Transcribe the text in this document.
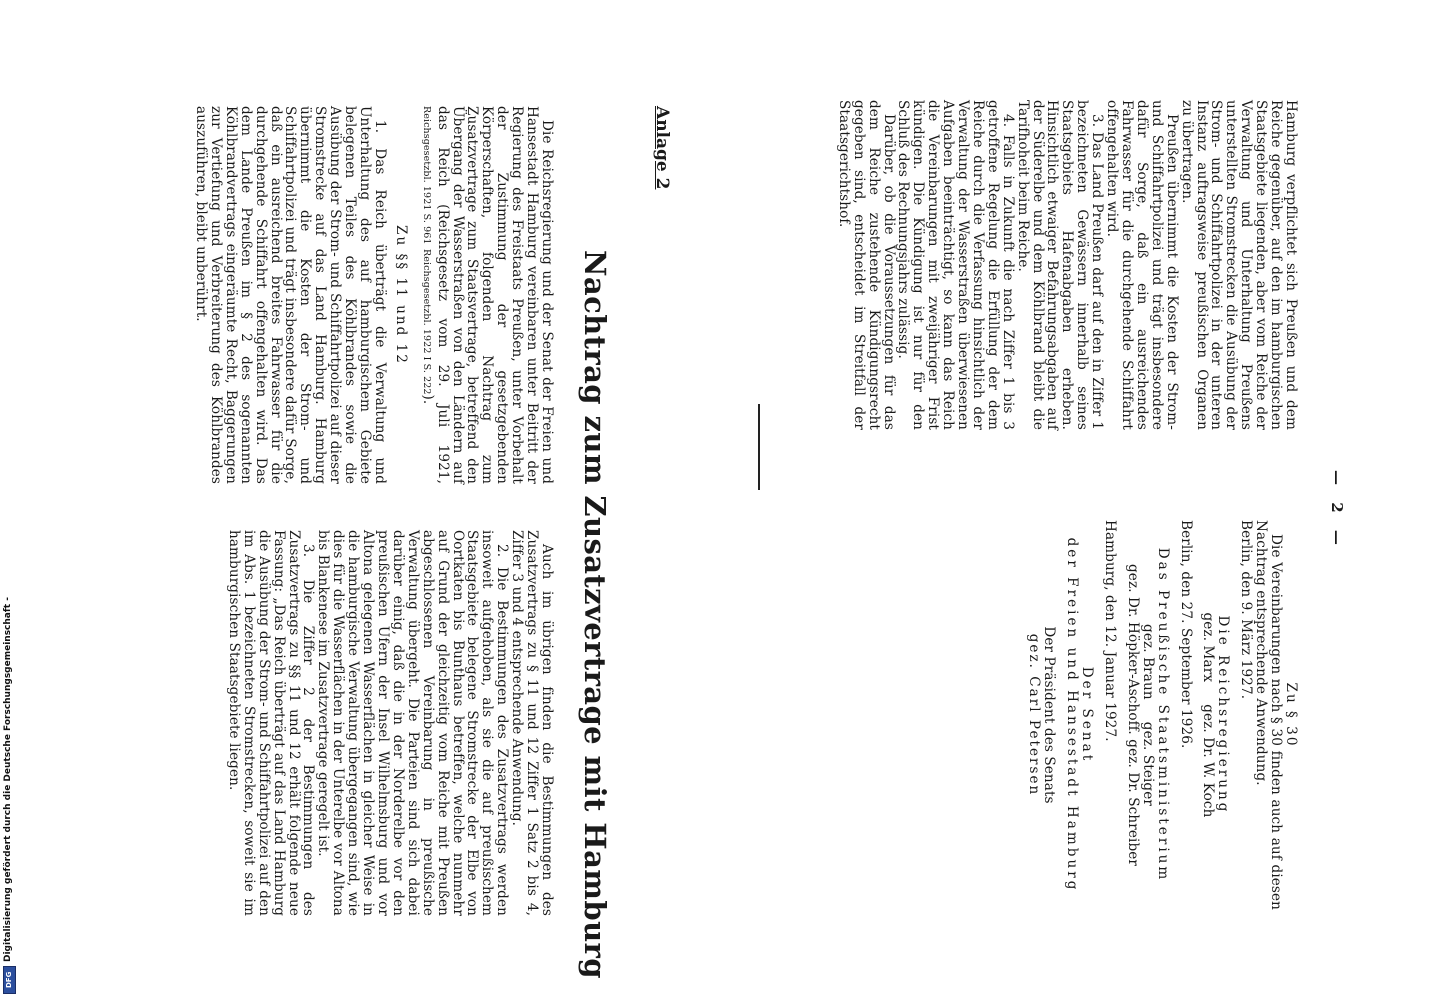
— 2 —

Hamburg verpflichtet sich Preußen und dem Reiche gegenüber, auf den im hamburgischen Staatsgebiete liegenden, aber vom Reiche der Verwaltung und Unterhaltung Preußens unterstellten Stromstrecken die Ausübung der Strom- und Schiffahrtpolizei in der unteren Instanz auftragsweise preußischen Organen zu übertragen.

Preußen übernimmt die Kosten der Strom- und Schiffahrtpolizei und trägt insbesondere dafür Sorge, daß ein ausreichendes Fahrwasser für die durchgehende Schiffahrt offengehalten wird.

3. Das Land Preußen darf auf den in Ziffer 1 bezeichneten Gewässern innerhalb seines Staatsgebiets Hafenabgaben erheben. Hinsichtlich etwaiger Befahrungsabgaben auf der Süderelbe und dem Köhlbrand bleibt die Tarifhoheit beim Reiche.

4. Falls in Zukunft die nach Ziffer 1 bis 3 getroffene Regelung die Erfüllung der dem Reiche durch die Verfassung hinsichtlich der Verwaltung der Wasserstraßen überwiesenen Aufgaben beeinträchtigt, so kann das Reich die Vereinbarungen mit zweijähriger Frist kündigen. Die Kündigung ist nur für den Schluß des Rechnungsjahrs zulässig.

Darüber, ob die Voraussetzungen für das dem Reiche zustehende Kündigungsrecht gegeben sind, entscheidet im Streitfall der Staatsgerichtshof.

Zu § 30

Die Vereinbarungen nach § 30 finden auch auf diesen Nachtrag entsprechende Anwendung.

Berlin, den 9. März 1927.

Die Reichsregierung

gez. Marx     gez. Dr. W. Koch

Berlin, den 27. September 1926.

Das Preußische Staatsministerium

gez. Braun     gez. Steiger

gez. Dr. Höpker-Aschoff. gez. Dr. Schreiber

Hamburg, den 12. Januar 1927.

Der Senat

der Freien und Hansestadt Hamburg

Der Präsident des Senats

gez. Carl Petersen

Anlage 2
Nachtrag zum Zusatzvertrage mit Hamburg

Die Reichsregierung und der Senat der Freien und Hansestadt Hamburg vereinbaren unter Beitritt der Regierung des Freistaats Preußen, unter Vorbehalt der Zustimmung der gesetzgebenden Körperschaften, folgenden Nachtrag zum Zusatzvertrage zum Staatsvertrage, betreffend den Übergang der Wasserstraßen von den Ländern auf das Reich (Reichsgesetz vom 29. Juli 1921, Reichsgesetzbl. 1921 S. 961 Reichsgesetzbl. 1922 I S. 222).

Zu §§ 11 und 12

1. Das Reich überträgt die Verwaltung und Unterhaltung des auf hamburgischem Gebiete belegenen Teiles des Köhlbrandes sowie die Ausübung der Strom- und Schiffahrtpolizei auf dieser Stromstrecke auf das Land Hamburg. Hamburg übernimmt die Kosten der Strom- und Schiffahrtpolizei und trägt insbesondere dafür Sorge, daß ein ausreichend breites Fahrwasser für die durchgehende Schiffahrt offengehalten wird. Das dem Lande Preußen im § 2 des sogenannten Köhlbrandvertrags eingeräumte Recht, Baggerungen zur Vertiefung und Verbreiterung des Köhlbrandes auszuführen, bleibt unberührt.

Auch im übrigen finden die Bestimmungen des Zusatzvertrags zu § 11 und 12 Ziffer 1 Satz 2 bis 4, Ziffer 3 und 4 entsprechende Anwendung.

2. Die Bestimmungen des Zusatzvertrags werden insoweit aufgehoben, als sie die auf preußischem Staatsgebiete belegene Stromstrecke der Elbe von Oortkaten bis Bunthaus betreffen, welche nunmehr auf Grund der gleichzeitig vom Reiche mit Preußen abgeschlossenen Vereinbarung in preußische Verwaltung übergeht. Die Parteien sind sich dabei darüber einig, daß die in der Norderelbe vor den preußischen Ufern der Insel Wilhelmsburg und vor Altona gelegenen Wasserflächen in gleicher Weise in die hamburgische Verwaltung übergegangen sind, wie dies für die Wasserflächen in der Unterelbe vor Altona bis Blankenese im Zusatzvertrage geregelt ist.

3. Die Ziffer 2 der Bestimmungen des Zusatzvertrags zu §§ 11 und 12 erhält folgende neue Fassung: „Das Reich überträgt auf das Land Hamburg die Ausübung der Strom- und Schiffahrtpolizei auf den im Abs. 1 bezeichneten Stromstrecken, soweit sie im hamburgischen Staatsgebiete liegen.

Digitalisierung gefördert durch die Deutsche Forschungsgemeinschaft -
DFG
